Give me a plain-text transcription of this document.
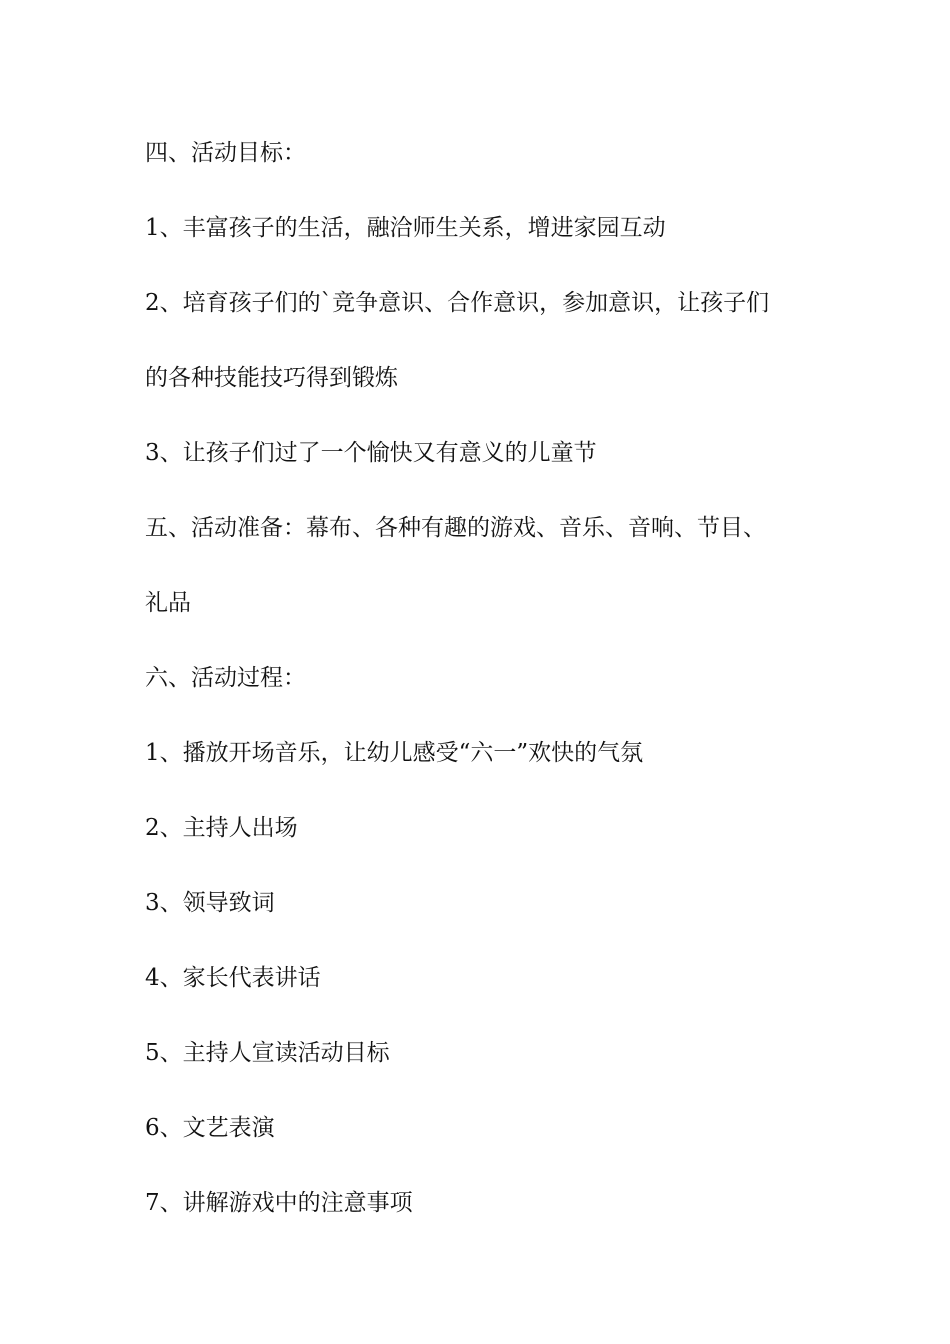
四、活动目标：
1、丰富孩子的生活，融洽师生关系，增进家园互动
2、培育孩子们的`竞争意识、合作意识，参加意识，让孩子们
的各种技能技巧得到锻炼
3、让孩子们过了一个愉快又有意义的儿童节
五、活动准备：幕布、各种有趣的游戏、音乐、音响、节目、
礼品
六、活动过程：
1、播放开场音乐，让幼儿感受“六一”欢快的气氛
2、主持人出场
3、领导致词
4、家长代表讲话
5、主持人宣读活动目标
6、文艺表演
7、讲解游戏中的注意事项
